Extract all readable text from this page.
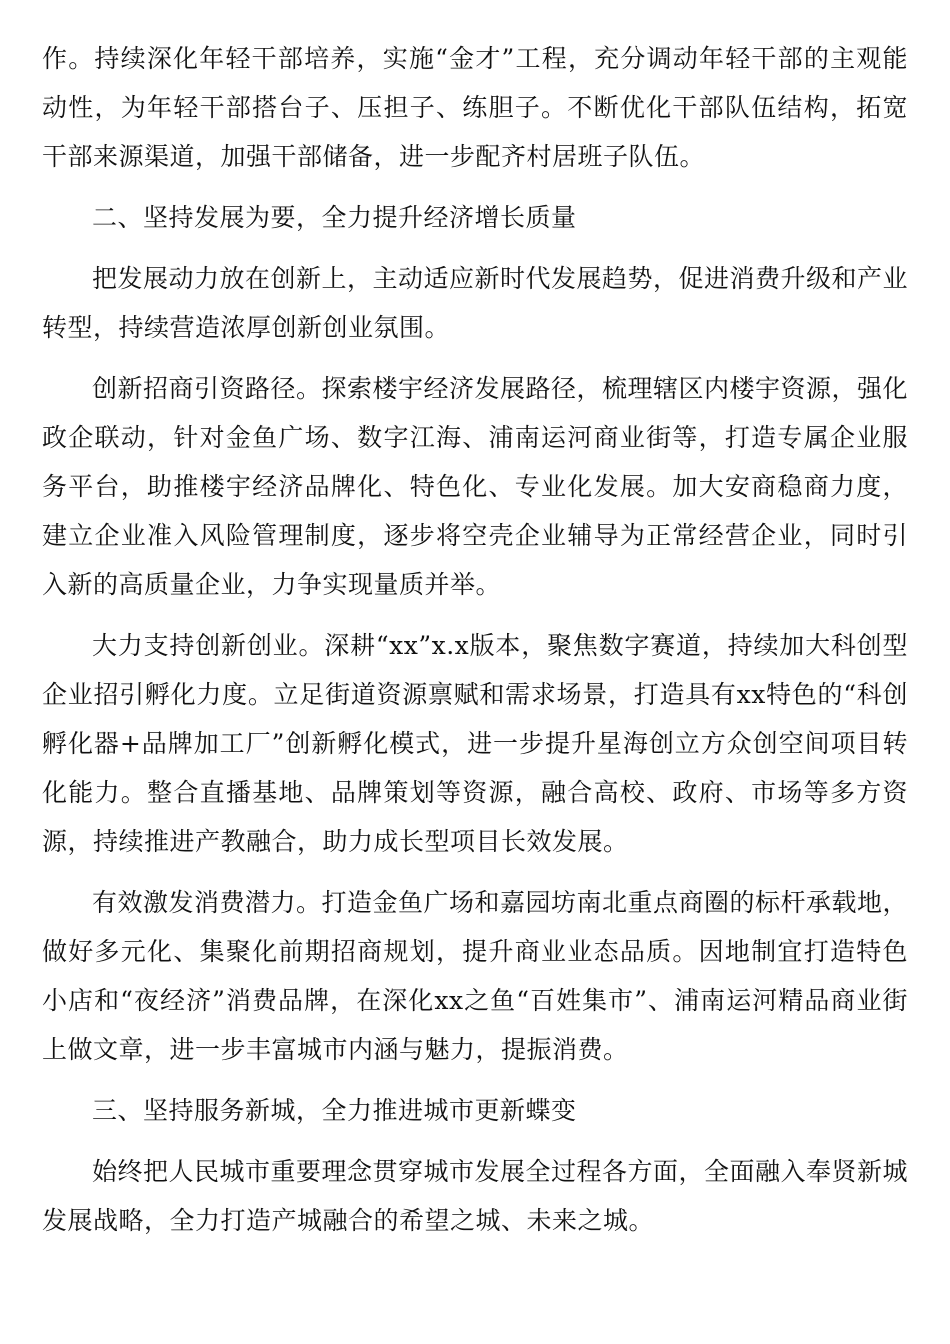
作。持续深化年轻干部培养，实施“金才”工程，充分调动年轻干部的主观能动性，为年轻干部搭台子、压担子、练胆子。不断优化干部队伍结构，拓宽干部来源渠道，加强干部储备，进一步配齐村居班子队伍。

二、坚持发展为要，全力提升经济增长质量

把发展动力放在创新上，主动适应新时代发展趋势，促进消费升级和产业转型，持续营造浓厚创新创业氛围。

创新招商引资路径。探索楼宇经济发展路径，梳理辖区内楼宇资源，强化政企联动，针对金鱼广场、数字江海、浦南运河商业街等，打造专属企业服务平台，助推楼宇经济品牌化、特色化、专业化发展。加大安商稳商力度，建立企业准入风险管理制度，逐步将空壳企业辅导为正常经营企业，同时引入新的高质量企业，力争实现量质并举。

大力支持创新创业。深耕“xx”x.x版本，聚焦数字赛道，持续加大科创型企业招引孵化力度。立足街道资源禀赋和需求场景，打造具有xx特色的“科创孵化器+品牌加工厂”创新孵化模式，进一步提升星海创立方众创空间项目转化能力。整合直播基地、品牌策划等资源，融合高校、政府、市场等多方资源，持续推进产教融合，助力成长型项目长效发展。

有效激发消费潜力。打造金鱼广场和嘉园坊南北重点商圈的标杆承载地，做好多元化、集聚化前期招商规划，提升商业业态品质。因地制宜打造特色小店和“夜经济”消费品牌，在深化xx之鱼“百姓集市”、浦南运河精品商业街上做文章，进一步丰富城市内涵与魅力，提振消费。

三、坚持服务新城，全力推进城市更新蝶变

始终把人民城市重要理念贯穿城市发展全过程各方面，全面融入奉贤新城发展战略，全力打造产城融合的希望之城、未来之城。
